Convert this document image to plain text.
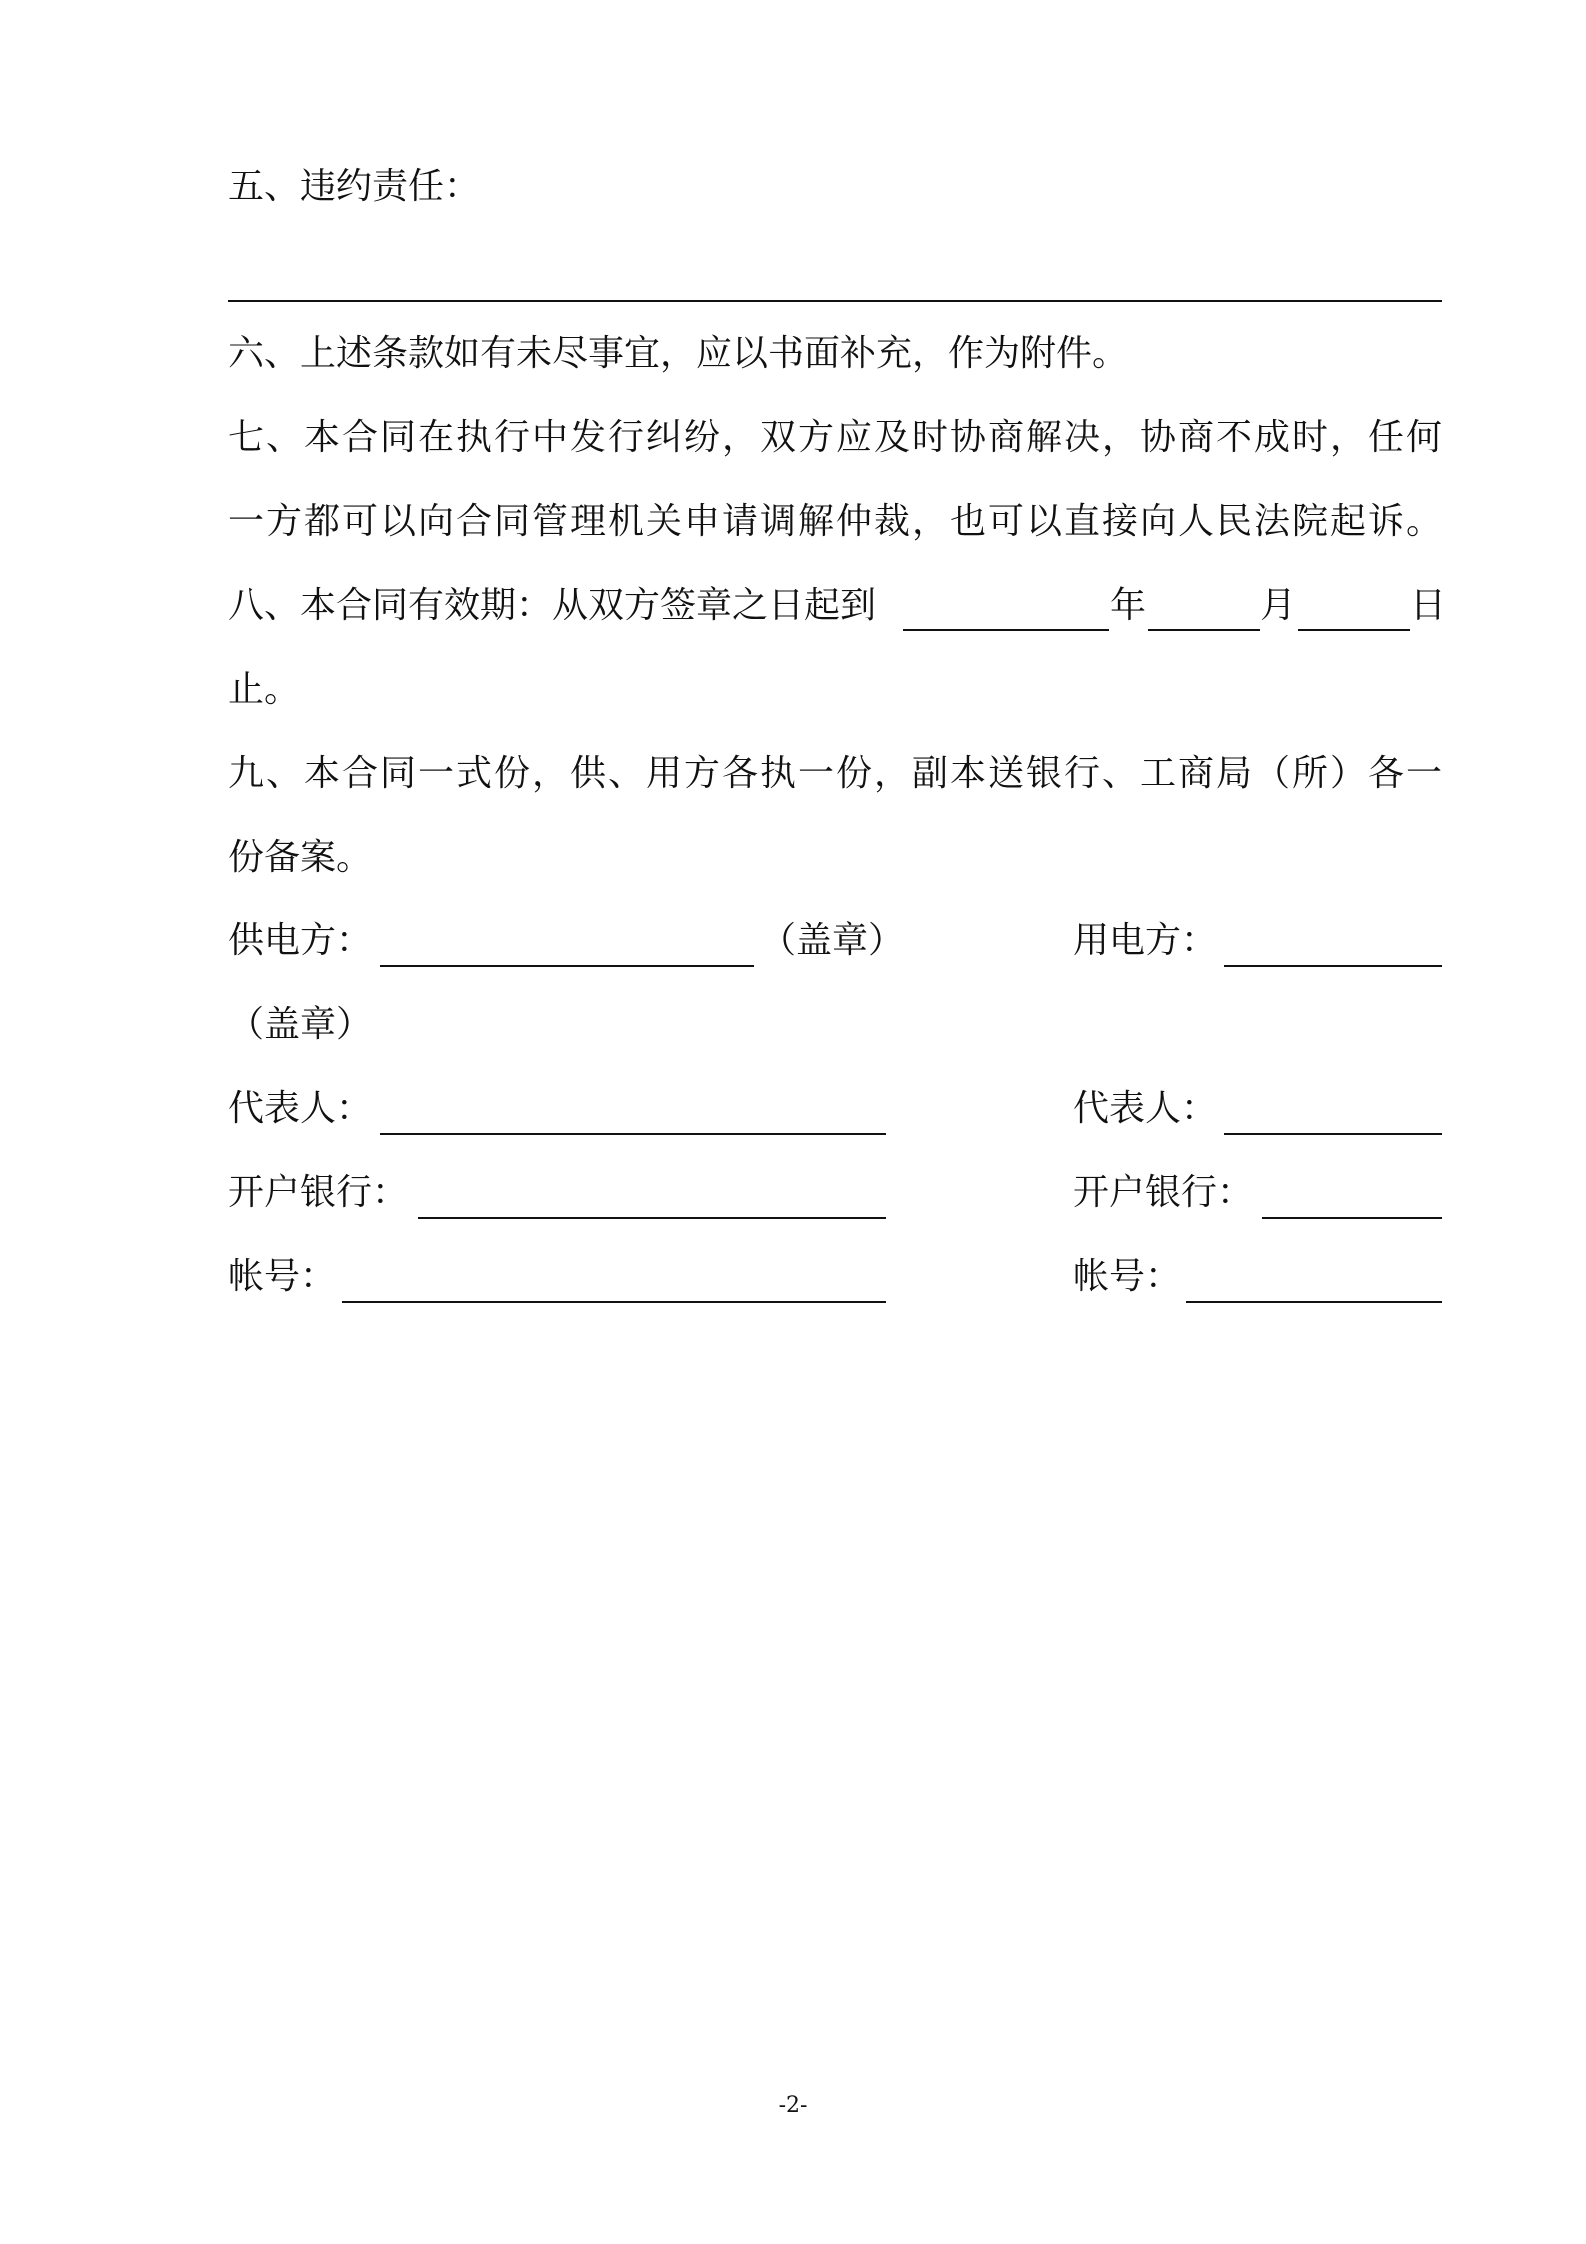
五、违约责任：
六、上述条款如有未尽事宜，应以书面补充，作为附件。
七、本合同在执行中发行纠纷，双方应及时协商解决，协商不成时，任何
一方都可以向合同管理机关申请调解仲裁，也可以直接向人民法院起诉。
八、本合同有效期：从双方签章之日起到	年	月	日
止。
九、本合同一式份，供、用方各执一份，副本送银行、工商局（所）各一
份备案。
供电方：	（盖章）	用电方：
（盖章）
代表人：	代表人：
开户银行：	开户银行：
帐号：	帐号：
-2-
